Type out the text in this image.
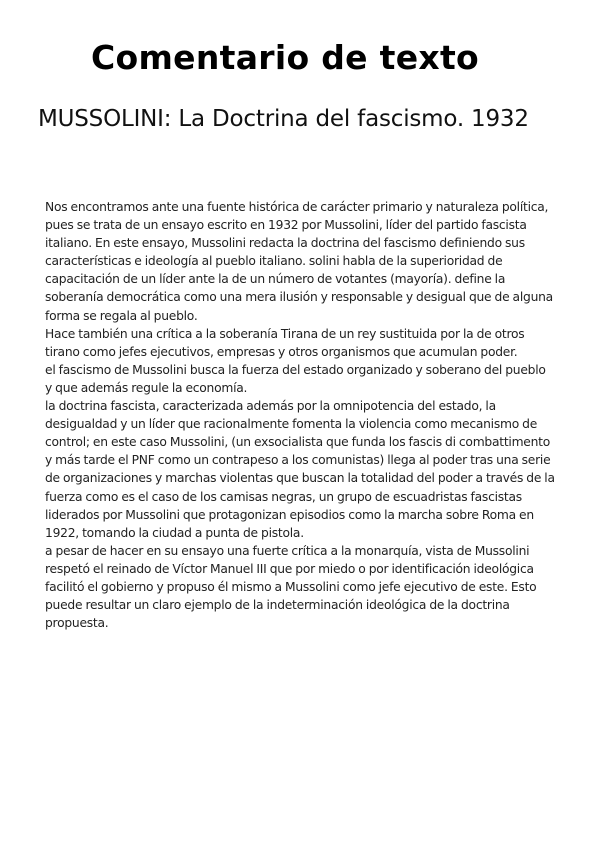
Comentario de texto
MUSSOLINI: La Doctrina del fascismo. 1932

Nos encontramos ante una fuente histórica de carácter primario y naturaleza política, pues se trata de un ensayo escrito en 1932 por Mussolini, líder del partido fascista italiano. En este ensayo, Mussolini redacta la doctrina del fascismo definiendo sus características e ideología al pueblo italiano. solini habla de la superioridad de capacitación de un líder ante la de un número de votantes (mayoría). define la soberanía democrática como una mera ilusión y responsable y desigual que de alguna forma se regala al pueblo.

Hace también una crítica a la soberanía Tirana de un rey sustituida por la de otros tirano como jefes ejecutivos, empresas y otros organismos que acumulan poder.

el fascismo de Mussolini busca la fuerza del estado organizado y soberano del pueblo y que además regule la economía.

la doctrina fascista, caracterizada además por la omnipotencia del estado, la desigualdad y un líder que racionalmente fomenta la violencia como mecanismo de control; en este caso Mussolini, (un exsocialista que funda los fascis di combattimento y más tarde el PNF como un contrapeso a los comunistas) llega al poder tras una serie de organizaciones y marchas violentas que buscan la totalidad del poder a través de la fuerza como es el caso de los camisas negras, un grupo de escuadristas fascistas liderados por Mussolini que protagonizan episodios como la marcha sobre Roma en 1922, tomando la ciudad a punta de pistola.

a pesar de hacer en su ensayo una fuerte crítica a la monarquía, vista de Mussolini respetó el reinado de Víctor Manuel III que por miedo o por identificación ideológica facilitó el gobierno y propuso él mismo a Mussolini como jefe ejecutivo de este. Esto puede resultar un claro ejemplo de la indeterminación ideológica de la doctrina propuesta.
